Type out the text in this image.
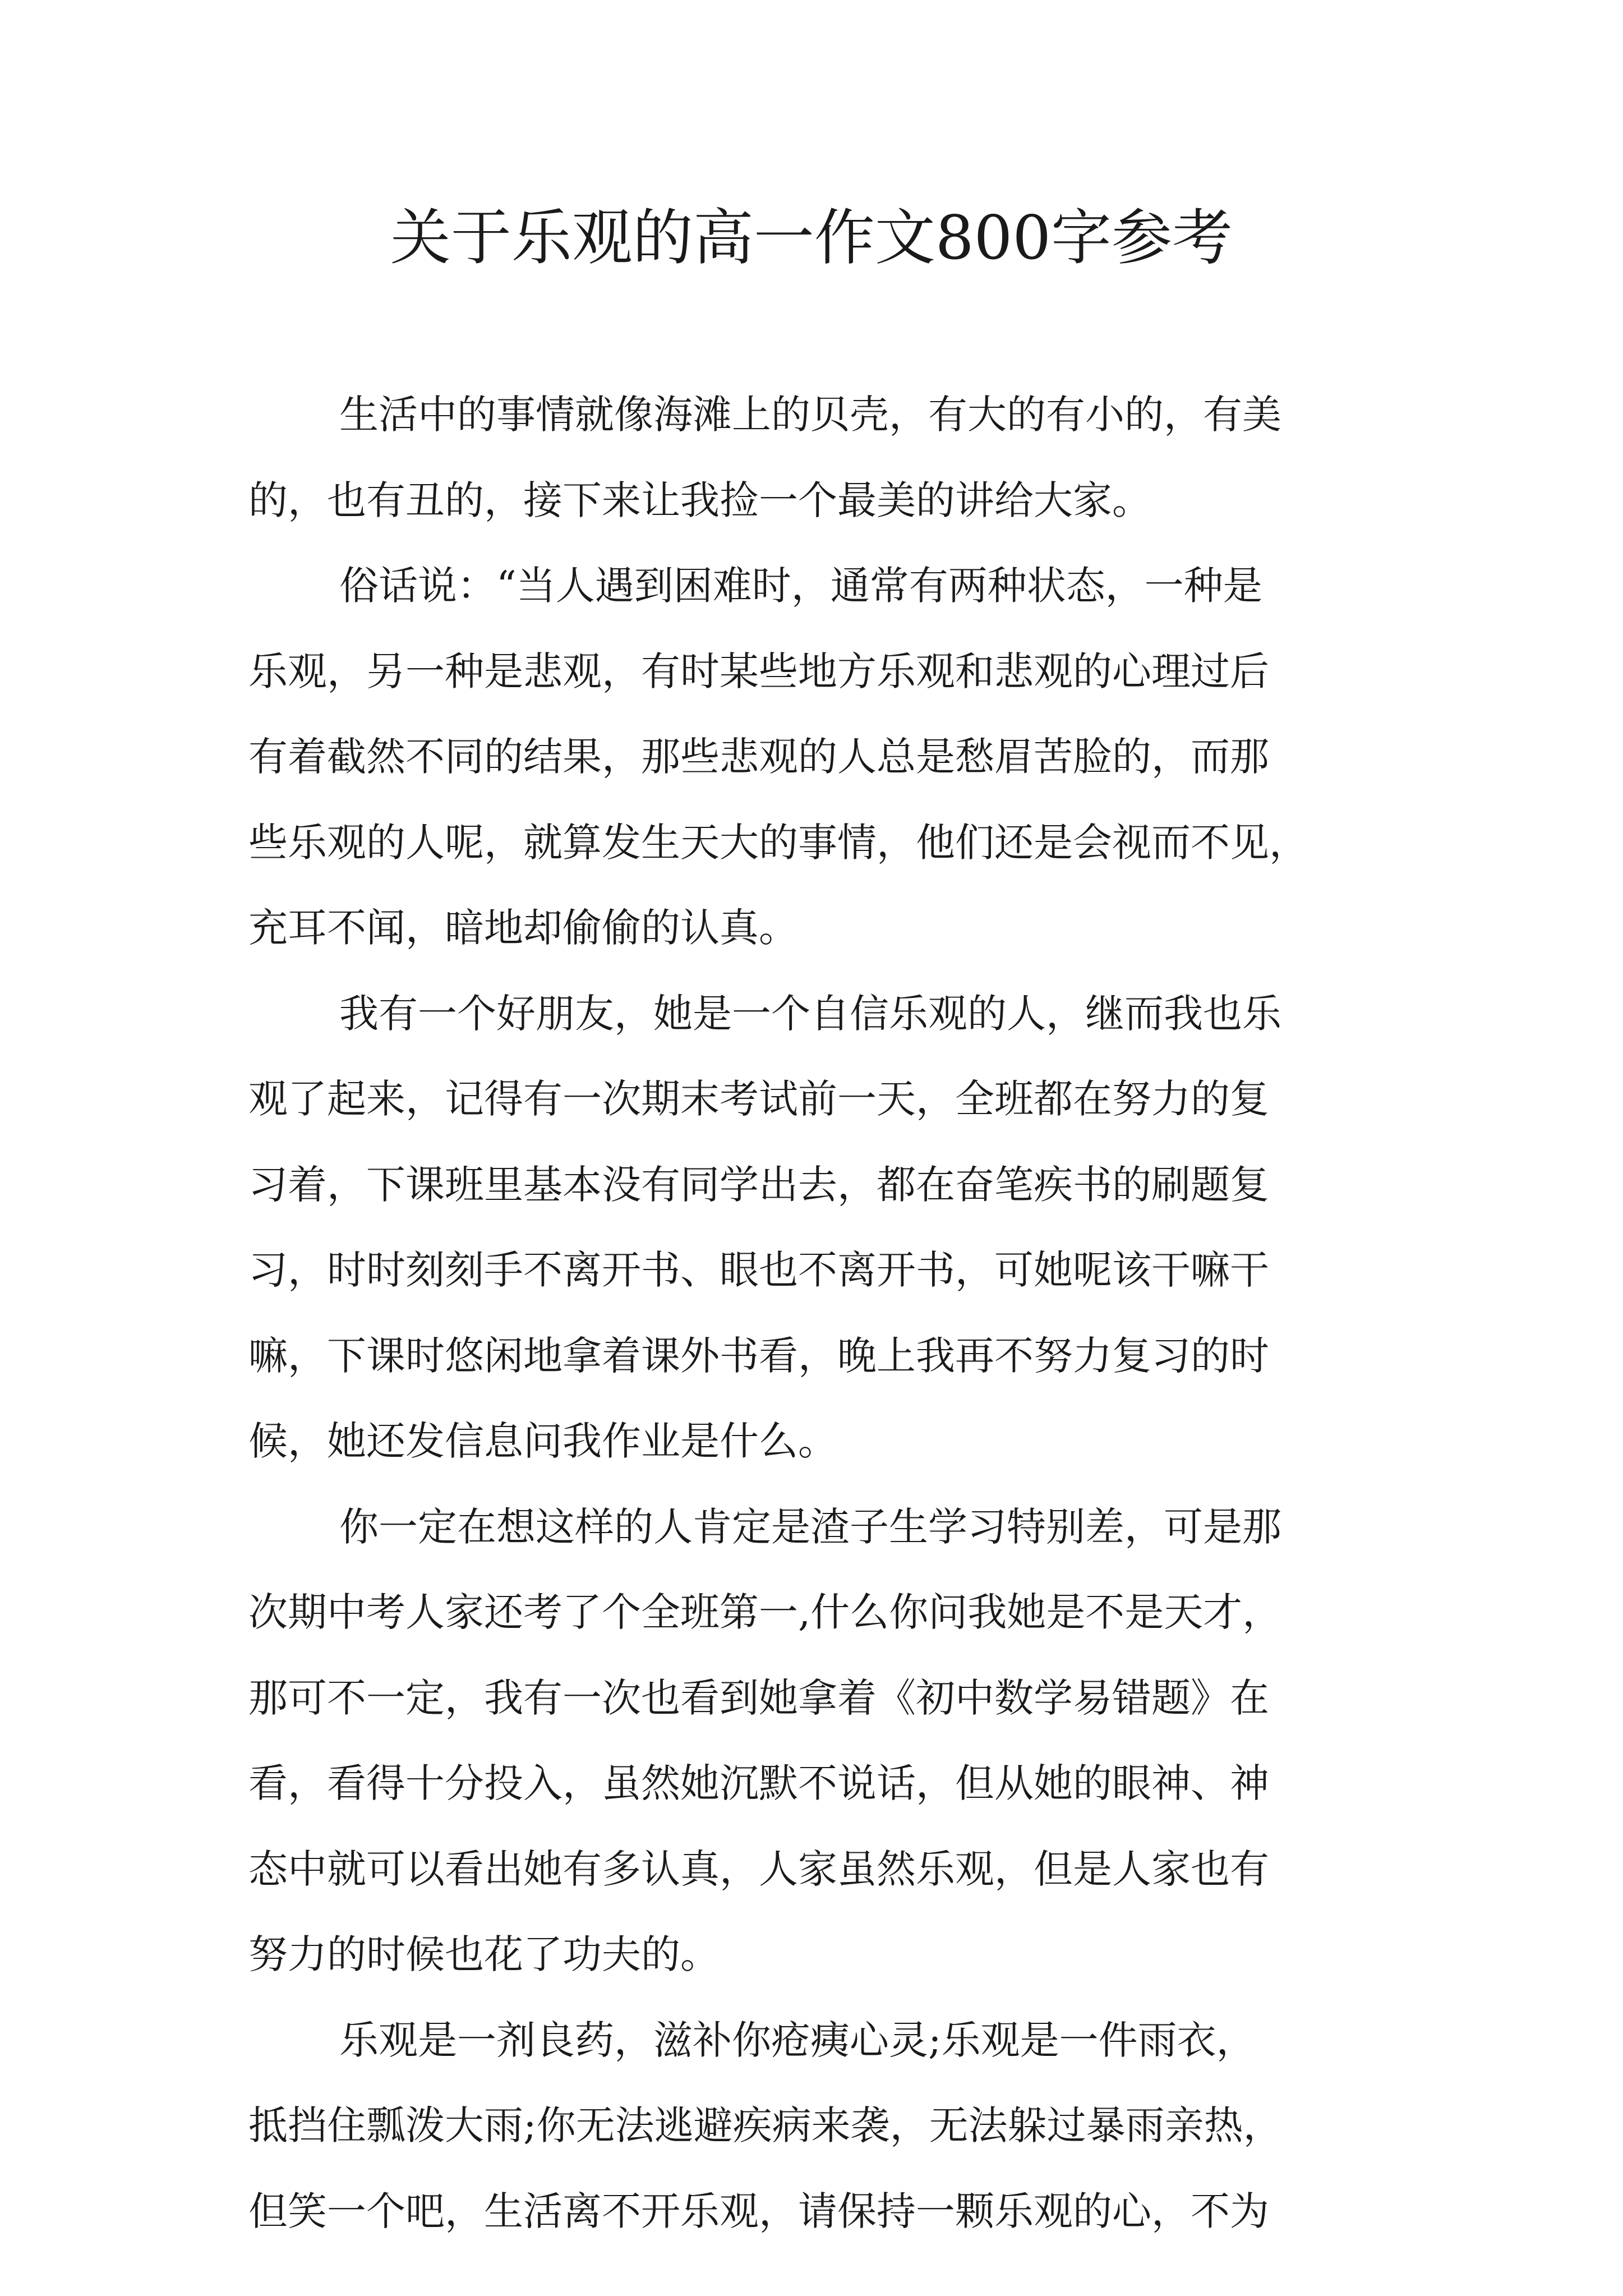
关于乐观的高一作文800字参考
生活中的事情就像海滩上的贝壳，有大的有小的，有美
的，也有丑的，接下来让我捡一个最美的讲给大家。
俗话说：“当人遇到困难时，通常有两种状态，一种是
乐观，另一种是悲观，有时某些地方乐观和悲观的心理过后
有着截然不同的结果，那些悲观的人总是愁眉苦脸的，而那
些乐观的人呢，就算发生天大的事情，他们还是会视而不见，
充耳不闻，暗地却偷偷的认真。
我有一个好朋友，她是一个自信乐观的人，继而我也乐
观了起来，记得有一次期末考试前一天，全班都在努力的复
习着，下课班里基本没有同学出去，都在奋笔疾书的刷题复
习，时时刻刻手不离开书、眼也不离开书，可她呢该干嘛干
嘛，下课时悠闲地拿着课外书看，晚上我再不努力复习的时
候，她还发信息问我作业是什么。
你一定在想这样的人肯定是渣子生学习特别差，可是那
次期中考人家还考了个全班第一,什么你问我她是不是天才，
那可不一定，我有一次也看到她拿着《初中数学易错题》在
看，看得十分投入，虽然她沉默不说话，但从她的眼神、神
态中就可以看出她有多认真，人家虽然乐观，但是人家也有
努力的时候也花了功夫的。
乐观是一剂良药，滋补你疮痍心灵;乐观是一件雨衣，
抵挡住瓢泼大雨;你无法逃避疾病来袭，无法躲过暴雨亲热，
但笑一个吧，生活离不开乐观，请保持一颗乐观的心，不为
